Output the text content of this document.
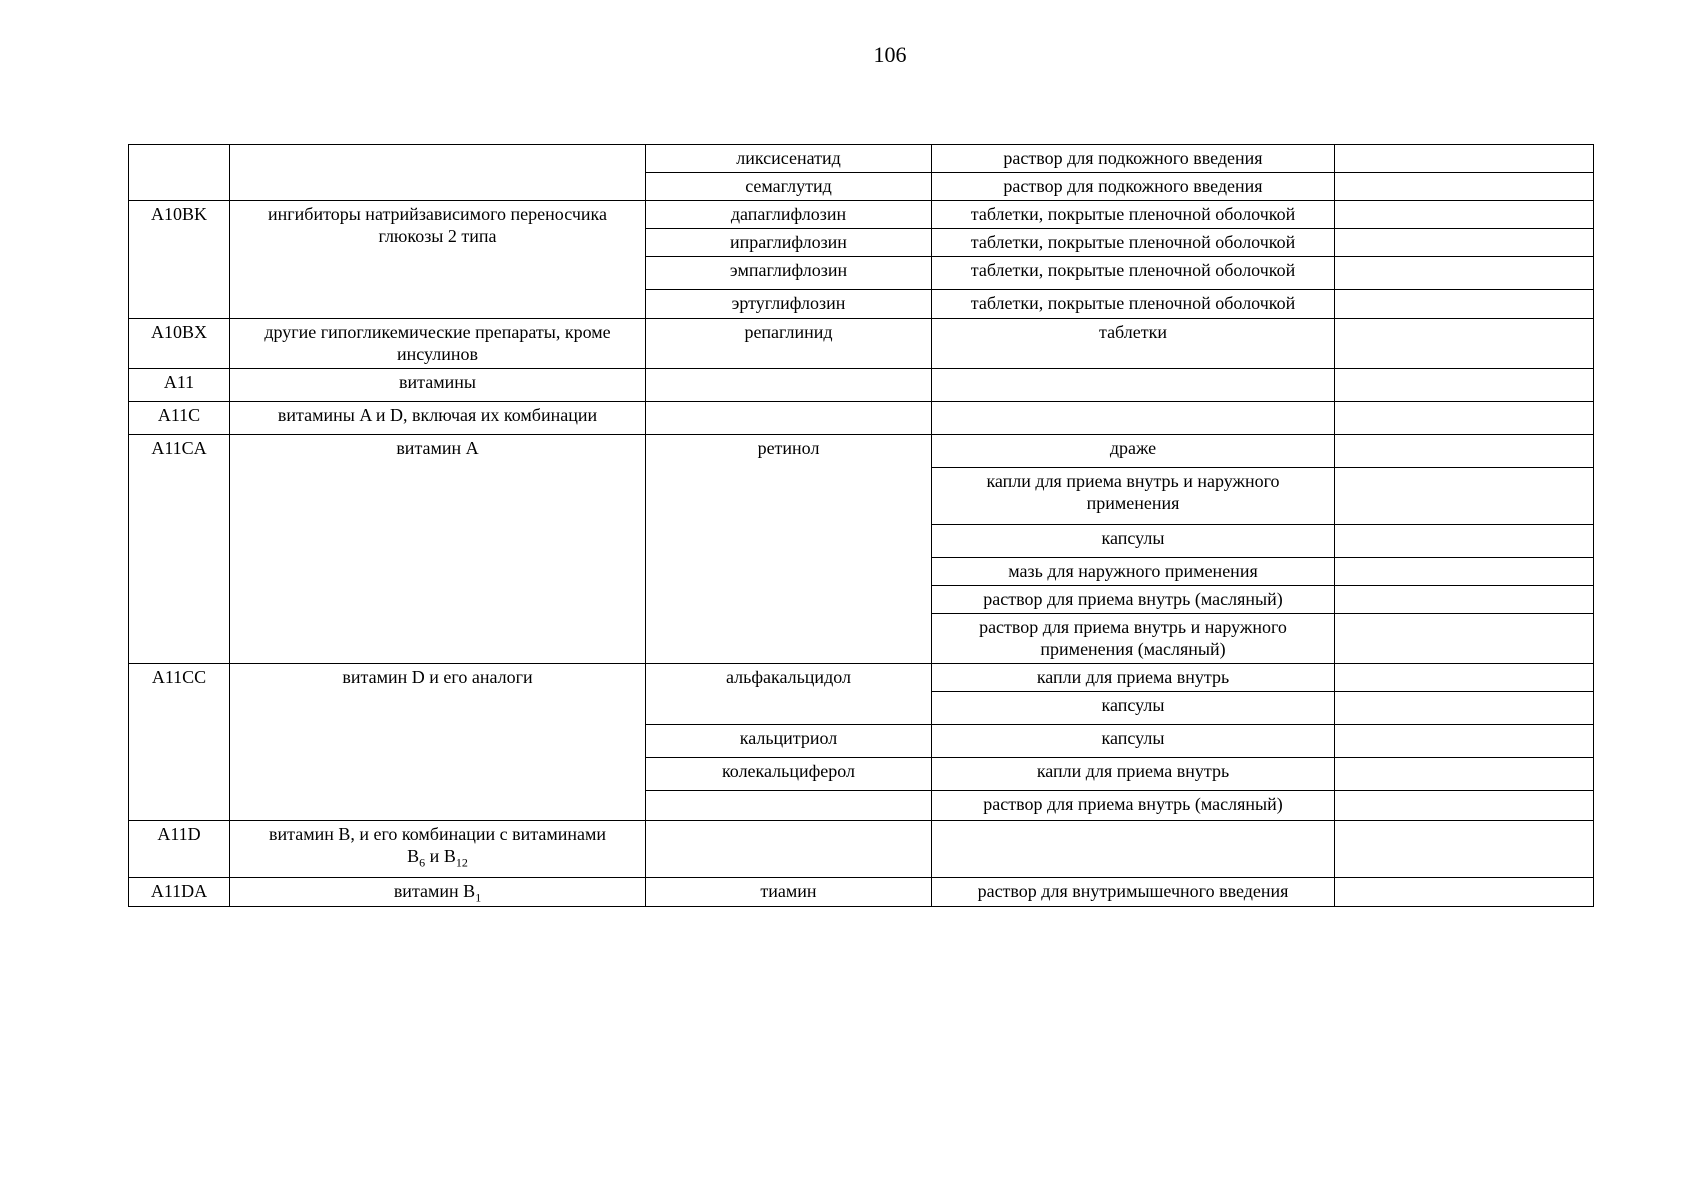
106
		ликсисенатид	раствор для подкожного введения	
		семаглутид	раствор для подкожного введения	
A10BK	ингибиторы натрийзависимого переносчика глюкозы 2 типа	дапаглифлозин	таблетки, покрытые пленочной оболочкой	
		ипраглифлозин	таблетки, покрытые пленочной оболочкой	
		эмпаглифлозин	таблетки, покрытые пленочной оболочкой	
		эртуглифлозин	таблетки, покрытые пленочной оболочкой	
A10BX	другие гипогликемические препараты, кроме инсулинов	репаглинид	таблетки	
A11	витамины			
A11C	витамины A и D, включая их комбинации			
A11CA	витамин A	ретинол	драже	
			капли для приема внутрь и наружного применения	
			капсулы	
			мазь для наружного применения	
			раствор для приема внутрь (масляный)	
			раствор для приема внутрь и наружного применения (масляный)	
A11CC	витамин D и его аналоги	альфакальцидол	капли для приема внутрь	
			капсулы	
		кальцитриол	капсулы	
		колекальциферол	капли для приема внутрь	
			раствор для приема внутрь (масляный)	
A11D	витамин B, и его комбинации с витаминами
$B_6$ и $B_{12}$			
A11DA	витамин $B_1$	тиамин	раствор для внутримышечного введения	
